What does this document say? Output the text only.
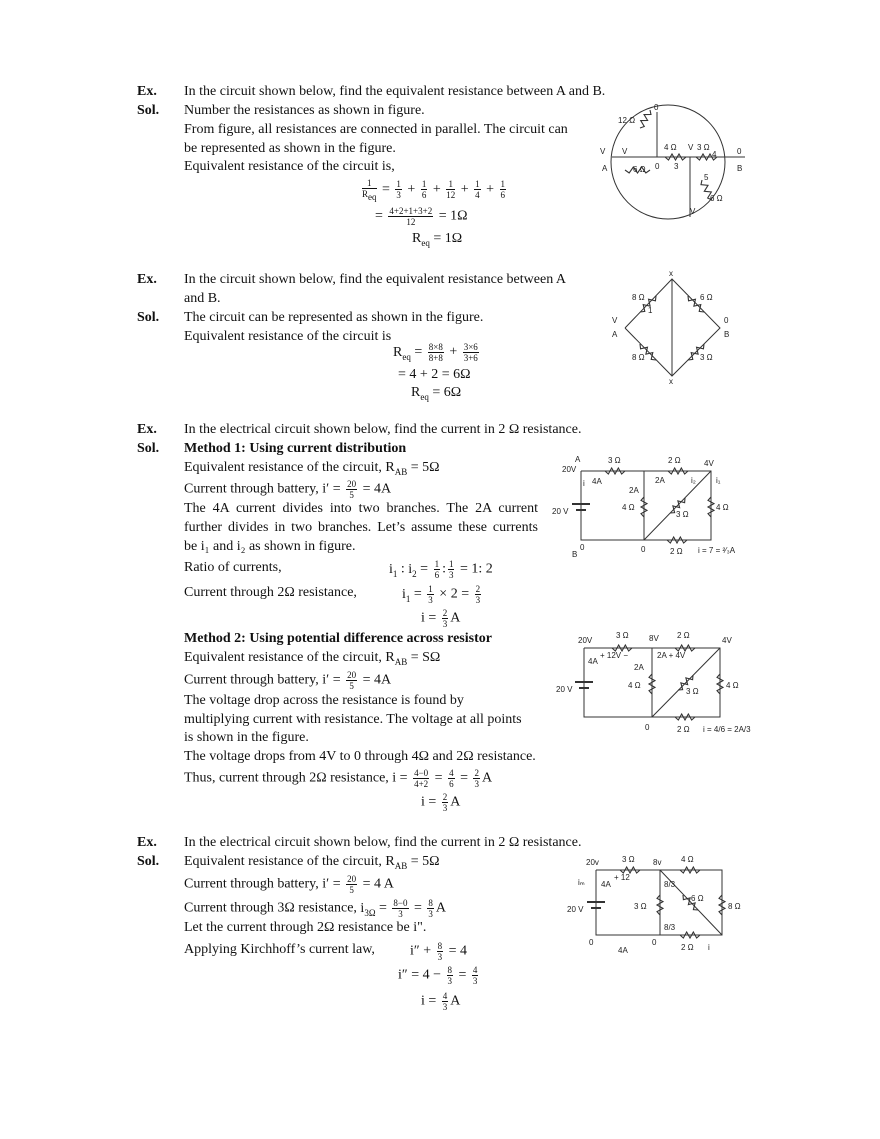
Ex. In the circuit shown below, find the equivalent resistance between A and B.
Sol. Number the resistances as shown in figure.
From figure, all resistances are connected in parallel. The circuit can
be represented as shown in the figure.
Equivalent resistance of the circuit is,
$\frac{1}{R_{eq}} = \frac{1}{3} + \frac{1}{6} + \frac{1}{12} + \frac{1}{4} + \frac{1}{6}$
= $\frac{4+2+1+3+2}{12} = 1\Omega$
$R_{eq} = 1\Omega$
Ex. In the circuit shown below, find the equivalent resistance between A
and B.
Sol. The circuit can be represented as shown in the figure.
Equivalent resistance of the circuit is
$R_{eq} = \frac{8\times 8}{8+8} + \frac{3\times 6}{3+6}$
= 4 + 2 = 6Ω
$R_{eq} = 6\Omega$
Ex. In the electrical circuit shown below, find the current in 2 Ω resistance.
Sol. Method 1: Using current distribution
Equivalent resistance of the circuit, $R_{AB} = 5\Omega$
Current through battery, $i' = \frac{20}{5} = 4A$
The 4A current divides into two branches. The 2A current
further divides in two branches. Let’s assume these currents
be i₁ and i₂ as shown in figure.
Ratio of currents,	$i_1$ : $i_2 = \frac{1}{6}$ : $\frac{1}{3} = 1$: 2
Current through 2Ω resistance,	$i_1 = \frac{1}{3} \times 2 = \frac{2}{3}$
$i = \frac{2}{3}$ A
Method 2: Using potential difference across resistor
Equivalent resistance of the circuit, $R_{AB} = S\Omega$
Current through battery, $i' = \frac{20}{5} = 4A$
The voltage drop across the resistance is found by
multiplying current with resistance. The voltage at all points
is shown in the figure.
The voltage drops from 4V to 0 through 4Ω and 2Ω resistance.
Thus, current through 2Ω resistance, $i = \frac{4-0}{4+2} = \frac{4}{6} = \frac{2}{3}$ A
$i = \frac{2}{3}$ A
Ex. In the electrical circuit shown below, find the current in 2 Ω resistance.
Sol. Equivalent resistance of the circuit, $R_{AB} = 5\Omega$
Current through battery, $i' = \frac{20}{5} = 4$ A
Current through 3Ω resistance, $i_{3\Omega} = \frac{8-0}{3} = \frac{8}{3}$ A
Let the current through 2Ω resistance be i".
Applying Kirchhoff’s current law,	$i'' + \frac{8}{3} = 4$
$i'' = 4 - \frac{8}{3} = \frac{4}{3}$
$i = \frac{4}{3}$ A
0
12 Ω
4 Ω V 3 Ω
4	0
V V
A	6 Ω 0 3
5
6 Ω
V
B
x
8 Ω
1
6 Ω
V
A
0
B
8 Ω	3 Ω
x
A
20V
3 Ω	2 Ω	4V
i 4A	2A
2A
i₂	i₁
20 V	4 Ω
3 Ω
4 Ω
0
B
0	2 Ω i = 7 = ²⁄₃A
20V
3 Ω	8V 2 Ω
4V
4A
+ 12V −	2A + 4V
2A
20 V	4 Ω
3 Ω
4 Ω
0	2 Ω i = 4/6 = 2A/3
20v	3 Ω 8v 4 Ω
iₘ 4A
+ 12
8/3
20 V	3 Ω
6 Ω
8 Ω
8/3
0
4A
0
2 Ω i
